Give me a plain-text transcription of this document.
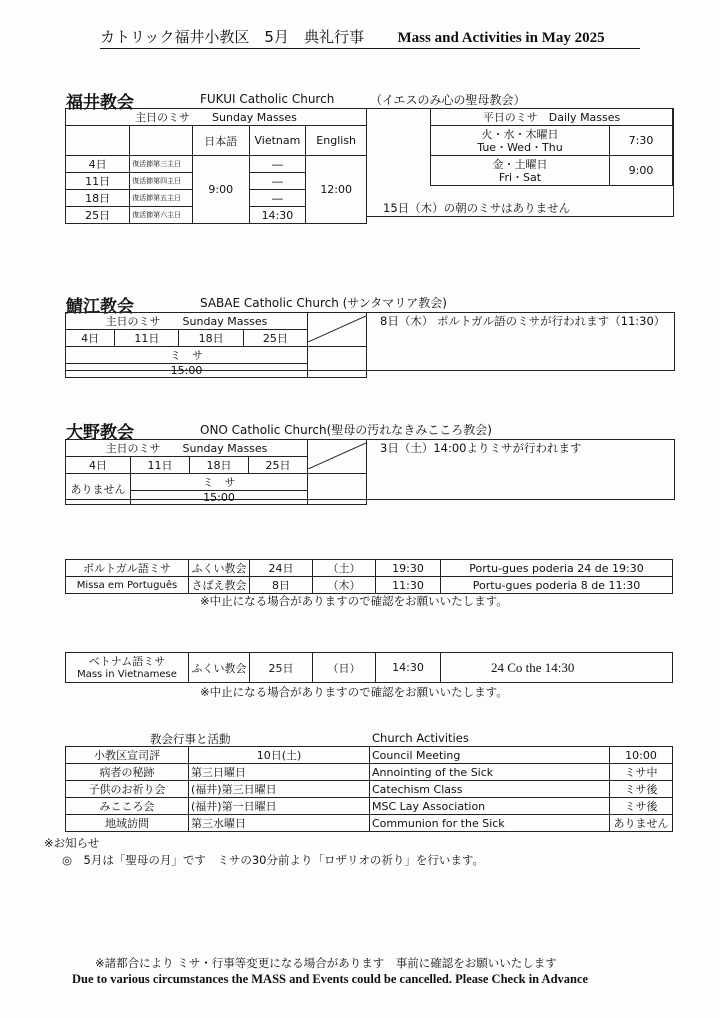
カトリック福井小教区　5月　典礼行事 Mass and Activities in May 2025
福井教会	FUKUI Catholic Church	（イエスのみ心の聖母教会）
主日のミサ　　Sunday Masses				
		日本語	Vietnam	English
4日	復活節第三主日	9:00	―	12:00
11日	復活節第四主日		―	
18日	復活節第五主日		―	
25日	復活節第六主日		14:30	
平日のミサ　Daily Masses	

火・水・木曜日
Tue・Wed・Thu	7:30

金・土曜日
Fri・Sat	9:00
15日（木）の朝のミサはありません
鯖江教会	SABAE Catholic Church (サンタマリア教会)
主日のミサ　　Sunday Masses	
4日	11日	18日	25日	
ミ　サ				
15:00				
8日（木） ポルトガル語のミサが行われます（11:30）
大野教会	ONO Catholic Church(聖母の汚れなきみこころ教会)
主日のミサ　　Sunday Masses	
4日	11日	18日	25日	
ありません	ミ　サ			
	15:00			
3日（土）14:00よりミサが行われます
ポルトガル語ミサ	ふくい教会	24日	（土）	19:30	Portu-gues poderia 24 de 19:30
Missa em Português	さばえ教会	8日	（木）	11:30	Portu-gues poderia 8 de 11:30
※中止になる場合がありますので確認をお願いいたします。
ベトナム語ミサ
Mass in Vietnamese	ふくい教会	25日	（日）	14:30	24 Co the 14:30
※中止になる場合がありますので確認をお願いいたします。
教会行事と活動	Church Activities
小教区宣司評	10日(土)	Council Meeting	10:00
病者の秘跡	第三日曜日	Annointing of the Sick	ミサ中
子供のお祈り会	(福井)第三日曜日	Catechism Class	ミサ後
みこころ会	(福井)第一日曜日	MSC Lay Association	ミサ後
地域訪問	第三水曜日	Communion for the Sick	ありません
※お知らせ
◎　5月は「聖母の月」です　ミサの30分前より「ロザリオの祈り」を行います。
※諸都合により ミサ・行事等変更になる場合があります　事前に確認をお願いいたします
Due to various circumstances the MASS and Events could be cancelled. Please Check in Advance
